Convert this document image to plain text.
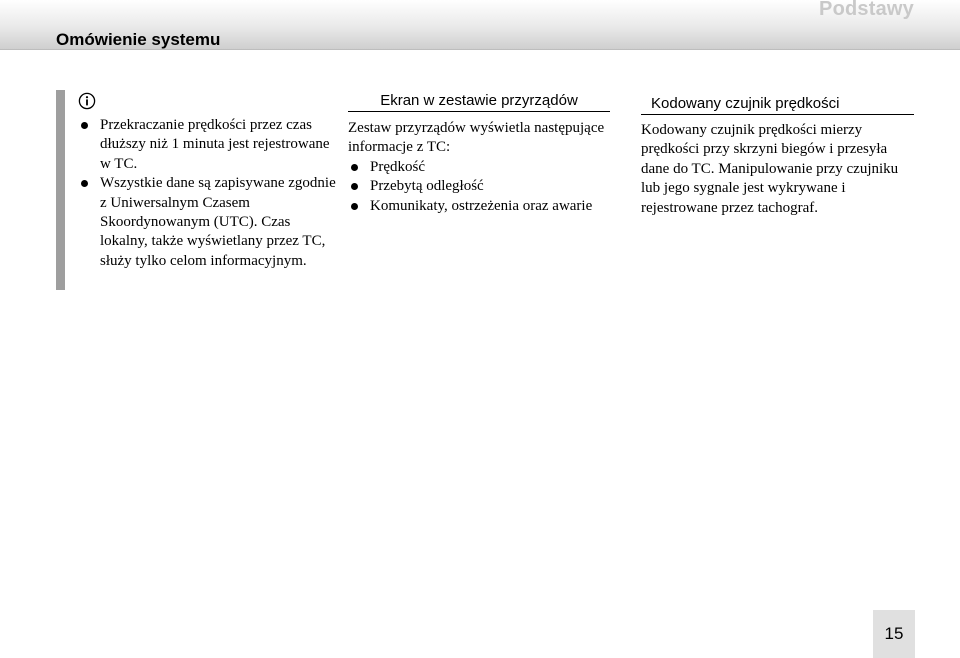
Podstawy
Omówienie systemu
Przekraczanie prędkości przez czas dłuższy niż 1 minuta jest rejestrowane w TC.
Wszystkie dane są zapisywane zgodnie z Uniwersalnym Czasem Skoordynowanym (UTC). Czas lokalny, także wyświetlany przez TC, służy tylko celom informacyjnym.
Ekran w zestawie przyrządów
Zestaw przyrządów wyświetla następujące informacje z TC:
Prędkość
Przebytą odległość
Komunikaty, ostrzeżenia oraz awarie
Kodowany czujnik prędkości
Kodowany czujnik prędkości mierzy prędkości przy skrzyni biegów i przesyła dane do TC. Manipulowanie przy czujniku lub jego sygnale jest wykrywane i rejestrowane przez tachograf.
15
